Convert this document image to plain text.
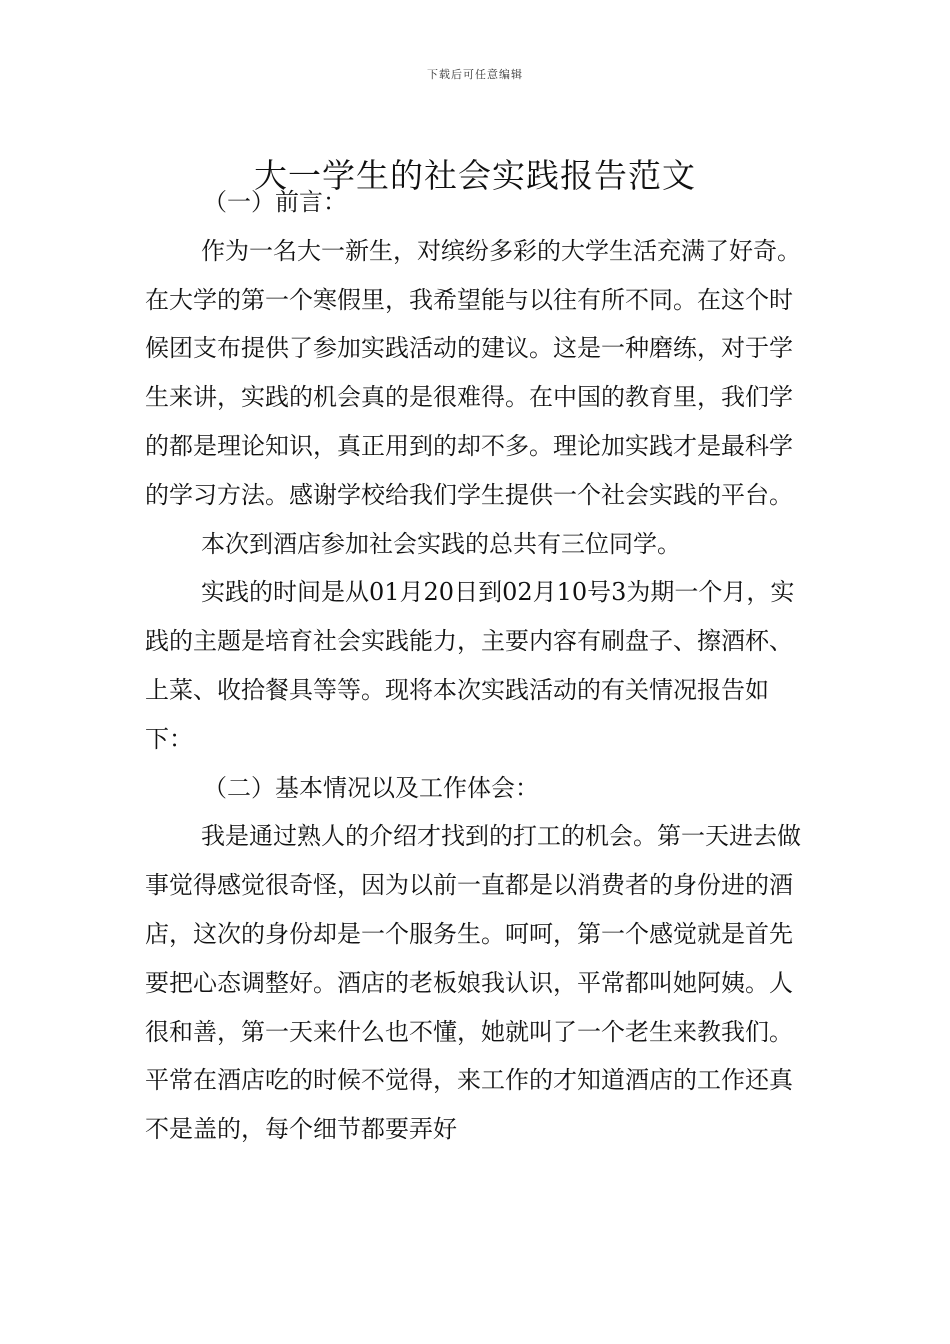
下载后可任意编辑
大一学生的社会实践报告范文

（一）前言：

作为一名大一新生，对缤纷多彩的大学生活充满了好奇。在大学的第一个寒假里，我希望能与以往有所不同。在这个时候团支布提供了参加实践活动的建议。这是一种磨练，对于学生来讲，实践的机会真的是很难得。在中国的教育里，我们学的都是理论知识，真正用到的却不多。理论加实践才是最科学的学习方法。感谢学校给我们学生提供一个社会实践的平台。

本次到酒店参加社会实践的总共有三位同学。

实践的时间是从01月20日到02月10号3为期一个月，实践的主题是培育社会实践能力，主要内容有刷盘子、擦酒杯、上菜、收拾餐具等等。现将本次实践活动的有关情况报告如下：

（二）基本情况以及工作体会：

我是通过熟人的介绍才找到的打工的机会。第一天进去做事觉得感觉很奇怪，因为以前一直都是以消费者的身份进的酒店，这次的身份却是一个服务生。呵呵，第一个感觉就是首先要把心态调整好。酒店的老板娘我认识，平常都叫她阿姨。人很和善，第一天来什么也不懂，她就叫了一个老生来教我们。平常在酒店吃的时候不觉得，来工作的才知道酒店的工作还真不是盖的，每个细节都要弄好
